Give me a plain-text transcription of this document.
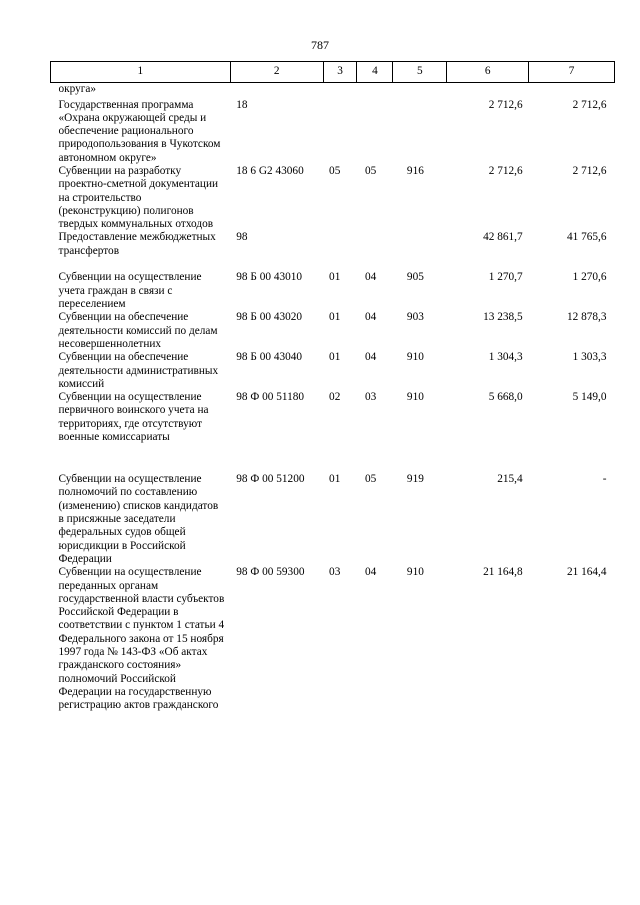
787
1	2	3	4	5	6	7
округа»						
Государственная программа «Охрана окружающей среды и обеспечение рационального природопользования в Чукотском автономном округе»	18				2 712,6	2 712,6
Субвенции на разработку проектно-сметной документации на строительство (реконструкцию) полигонов твердых коммунальных отходов	18 6 G2 43060	05	05	916	2 712,6	2 712,6
Предоставление межбюджетных трансфертов	98				42 861,7	41 765,6
Субвенции на осуществление учета граждан в связи с переселением	98 Б 00 43010	01	04	905	1 270,7	1 270,6
Субвенции на обеспечение деятельности комиссий по делам несовершеннолетних	98 Б 00 43020	01	04	903	13 238,5	12 878,3
Субвенции на обеспечение деятельности административных комиссий	98 Б 00 43040	01	04	910	1 304,3	1 303,3
Субвенции на осуществление первичного воинского учета на территориях, где отсутствуют военные комиссариаты	98 Ф 00 51180	02	03	910	5 668,0	5 149,0
Субвенции на осуществление полномочий по составлению (изменению) списков кандидатов в присяжные заседатели федеральных судов общей юрисдикции в Российской Федерации	98 Ф 00 51200	01	05	919	215,4	-
Субвенции на осуществление переданных органам государственной власти субъектов Российской Федерации в соответствии с пунктом 1 статьи 4 Федерального закона от 15 ноября 1997 года № 143-ФЗ «Об актах гражданского состояния» полномочий Российской Федерации на государственную регистрацию актов гражданского	98 Ф 00 59300	03	04	910	21 164,8	21 164,4
